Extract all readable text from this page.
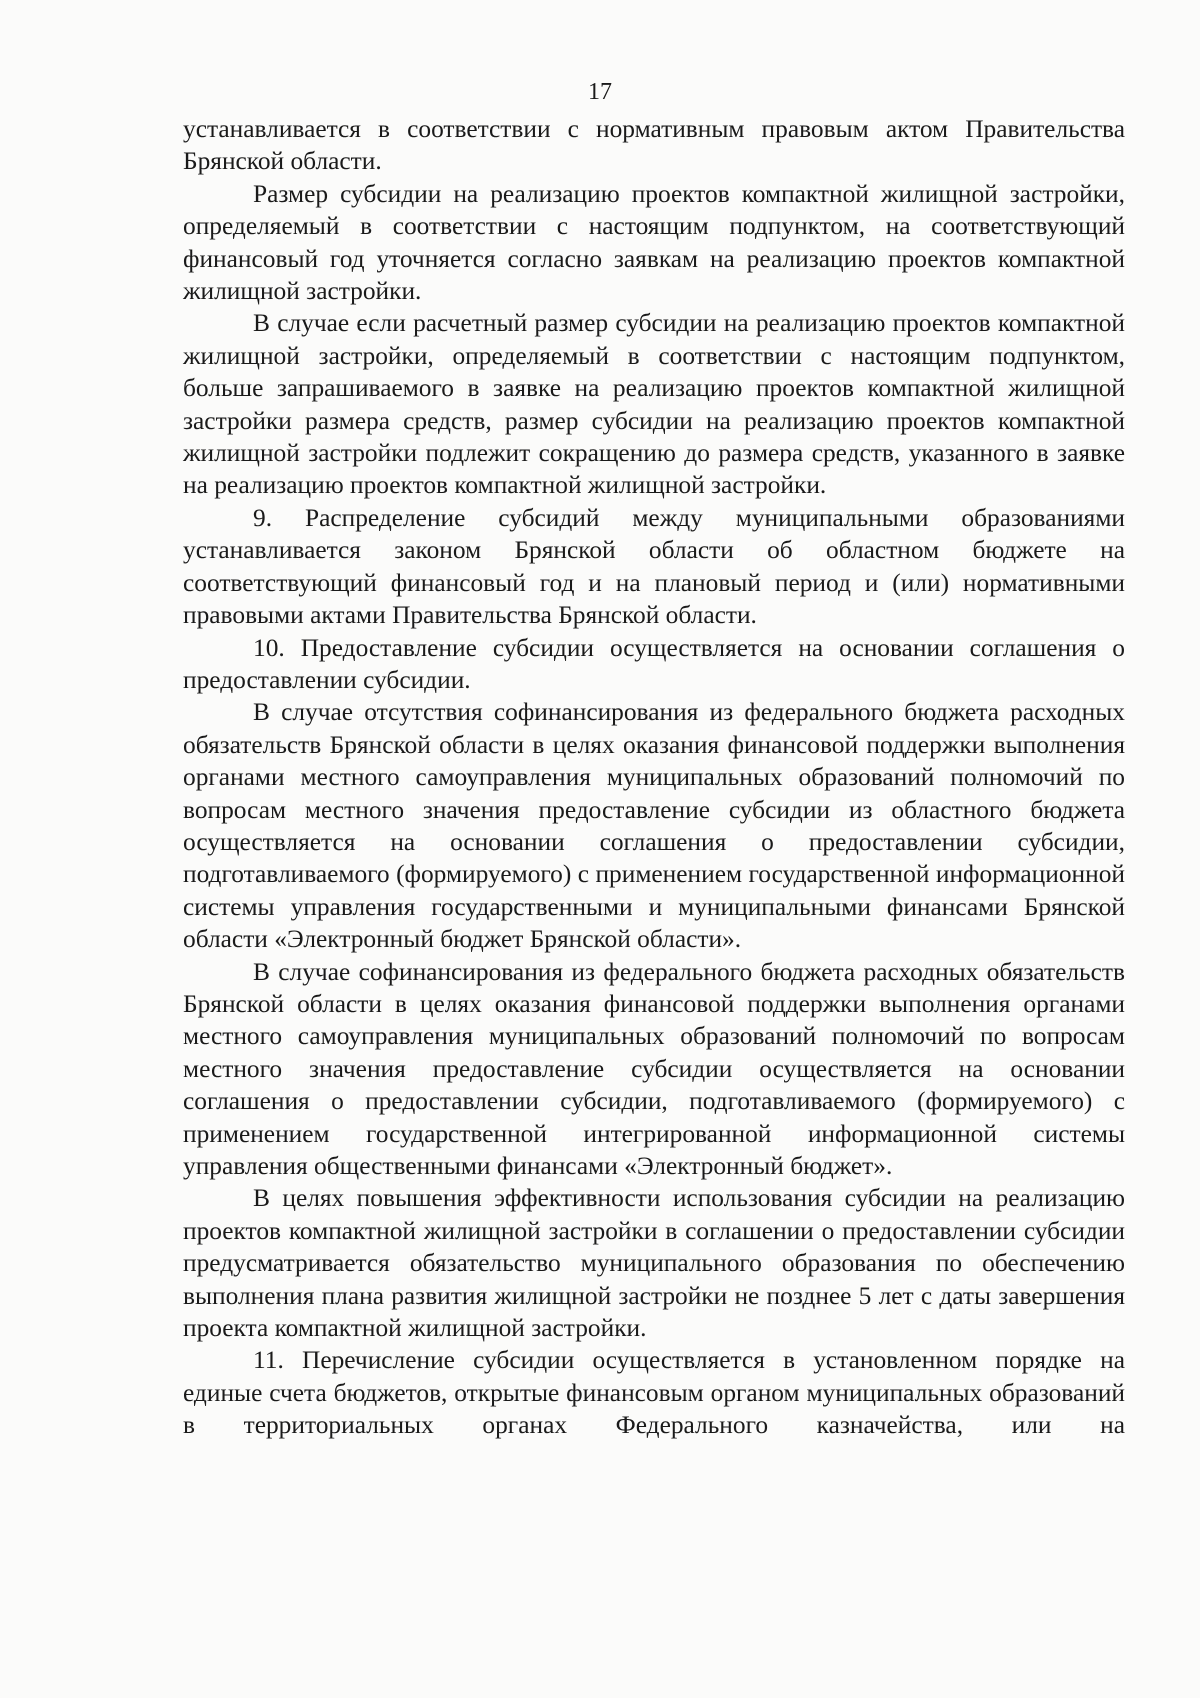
17

устанавливается в соответствии с нормативным правовым актом Правительства Брянской области.

Размер субсидии на реализацию проектов компактной жилищной застройки, определяемый в соответствии с настоящим подпунктом, на соответствующий финансовый год уточняется согласно заявкам на реализацию проектов компактной жилищной застройки.

В случае если расчетный размер субсидии на реализацию проектов компактной жилищной застройки, определяемый в соответствии с настоящим подпунктом, больше запрашиваемого в заявке на реализацию проектов компактной жилищной застройки размера средств, размер субсидии на реализацию проектов компактной жилищной застройки подлежит сокращению до размера средств, указанного в заявке на реализацию проектов компактной жилищной застройки.

9. Распределение субсидий между муниципальными образованиями устанавливается законом Брянской области об областном бюджете на соответствующий финансовый год и на плановый период и (или) нормативными правовыми актами Правительства Брянской области.

10. Предоставление субсидии осуществляется на основании соглашения о предоставлении субсидии.

В случае отсутствия софинансирования из федерального бюджета расходных обязательств Брянской области в целях оказания финансовой поддержки выполнения органами местного самоуправления муниципальных образований полномочий по вопросам местного значения предоставление субсидии из областного бюджета осуществляется на основании соглашения о предоставлении субсидии, подготавливаемого (формируемого) с применением государственной информационной системы управления государственными и муниципальными финансами Брянской области «Электронный бюджет Брянской области».

В случае софинансирования из федерального бюджета расходных обязательств Брянской области в целях оказания финансовой поддержки выполнения органами местного самоуправления муниципальных образований полномочий по вопросам местного значения предоставление субсидии осуществляется на основании соглашения о предоставлении субсидии, подготавливаемого (формируемого) с применением государственной интегрированной информационной системы управления общественными финансами «Электронный бюджет».

В целях повышения эффективности использования субсидии на реализацию проектов компактной жилищной застройки в соглашении о предоставлении субсидии предусматривается обязательство муниципального образования по обеспечению выполнения плана развития жилищной застройки не позднее 5 лет с даты завершения проекта компактной жилищной застройки.

11. Перечисление субсидии осуществляется в установленном порядке на единые счета бюджетов, открытые финансовым органом муниципальных образований в территориальных органах Федерального казначейства, или на
